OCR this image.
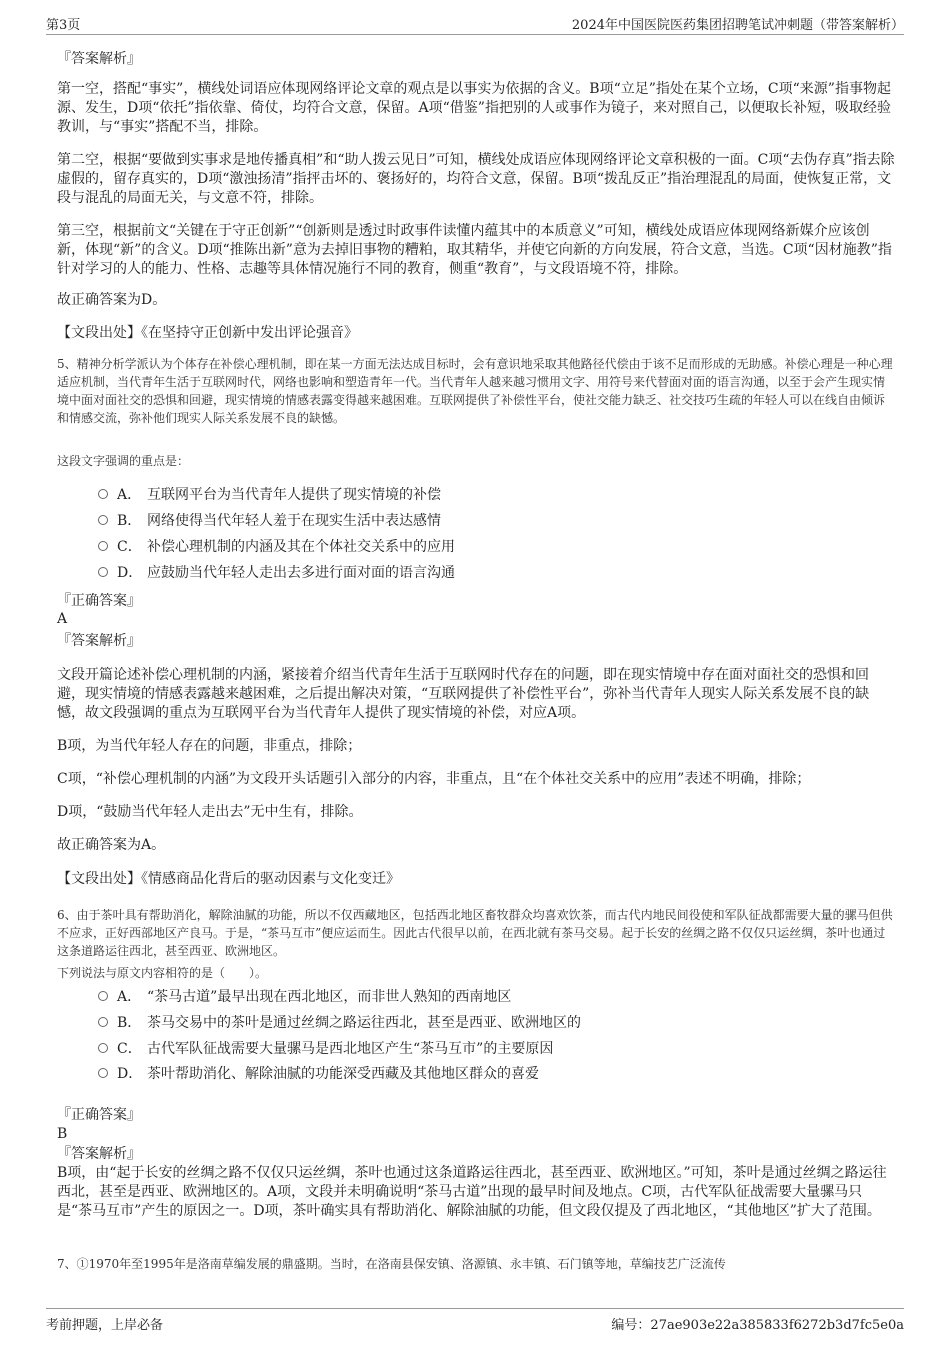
第3页	2024年中国医院医药集团招聘笔试冲刺题（带答案解析）
『答案解析』
第一空，搭配“事实”，横线处词语应体现网络评论文章的观点是以事实为依据的含义。B项“立足”指处在某个立场，C项“来源”指事物起源、发生，D项“依托”指依靠、倚仗，均符合文意，保留。A项“借鉴”指把别的人或事作为镜子，来对照自己，以便取长补短，吸取经验教训，与“事实”搭配不当，排除。
第二空，根据“要做到实事求是地传播真相”和“助人拨云见日”可知，横线处成语应体现网络评论文章积极的一面。C项“去伪存真”指去除虚假的，留存真实的，D项“激浊扬清”指抨击坏的、褒扬好的，均符合文意，保留。B项“拨乱反正”指治理混乱的局面，使恢复正常，文段与混乱的局面无关，与文意不符，排除。
第三空，根据前文“关键在于守正创新”“创新则是透过时政事件读懂内蕴其中的本质意义”可知，横线处成语应体现网络新媒介应该创新，体现“新”的含义。D项“推陈出新”意为去掉旧事物的糟粕，取其精华，并使它向新的方向发展，符合文意，当选。C项“因材施教”指针对学习的人的能力、性格、志趣等具体情况施行不同的教育，侧重“教育”，与文段语境不符，排除。
故正确答案为D。
【文段出处】《在坚持守正创新中发出评论强音》
5、精神分析学派认为个体存在补偿心理机制，即在某一方面无法达成目标时，会有意识地采取其他路径代偿由于该不足而形成的无助感。补偿心理是一种心理适应机制，当代青年生活于互联网时代，网络也影响和塑造青年一代。当代青年人越来越习惯用文字、用符号来代替面对面的语言沟通，以至于会产生现实情境中面对面社交的恐惧和回避，现实情境的情感表露变得越来越困难。互联网提供了补偿性平台，使社交能力缺乏、社交技巧生疏的年轻人可以在线自由倾诉和情感交流，弥补他们现实人际关系发展不良的缺憾。
这段文字强调的重点是：
A． 互联网平台为当代青年人提供了现实情境的补偿
B． 网络使得当代年轻人羞于在现实生活中表达感情
C． 补偿心理机制的内涵及其在个体社交关系中的应用
D． 应鼓励当代年轻人走出去多进行面对面的语言沟通
『正确答案』
A
『答案解析』
文段开篇论述补偿心理机制的内涵，紧接着介绍当代青年生活于互联网时代存在的问题，即在现实情境中存在面对面社交的恐惧和回避，现实情境的情感表露越来越困难，之后提出解决对策，“互联网提供了补偿性平台”，弥补当代青年人现实人际关系发展不良的缺憾，故文段强调的重点为互联网平台为当代青年人提供了现实情境的补偿，对应A项。
B项，为当代年轻人存在的问题，非重点，排除；
C项，“补偿心理机制的内涵”为文段开头话题引入部分的内容，非重点，且“在个体社交关系中的应用”表述不明确，排除；
D项，“鼓励当代年轻人走出去”无中生有，排除。
故正确答案为A。
【文段出处】《情感商品化背后的驱动因素与文化变迁》
6、由于茶叶具有帮助消化，解除油腻的功能，所以不仅西藏地区，包括西北地区畜牧群众均喜欢饮茶，而古代内地民间役使和军队征战都需要大量的骡马但供不应求，正好西部地区产良马。于是，“茶马互市”便应运而生。因此古代很早以前，在西北就有茶马交易。起于长安的丝绸之路不仅仅只运丝绸，茶叶也通过这条道路运往西北，甚至西亚、欧洲地区。
下列说法与原文内容相符的是（　　）。
A． “茶马古道”最早出现在西北地区，而非世人熟知的西南地区
B． 茶马交易中的茶叶是通过丝绸之路运往西北，甚至是西亚、欧洲地区的
C． 古代军队征战需要大量骡马是西北地区产生“茶马互市”的主要原因
D． 茶叶帮助消化、解除油腻的功能深受西藏及其他地区群众的喜爱
『正确答案』
B
『答案解析』
B项，由“起于长安的丝绸之路不仅仅只运丝绸，茶叶也通过这条道路运往西北，甚至西亚、欧洲地区。”可知，茶叶是通过丝绸之路运往西北，甚至是西亚、欧洲地区的。A项，文段并未明确说明“茶马古道”出现的最早时间及地点。C项，古代军队征战需要大量骡马只是“茶马互市”产生的原因之一。D项，茶叶确实具有帮助消化、解除油腻的功能，但文段仅提及了西北地区，“其他地区”扩大了范围。
7、①1970年至1995年是洛南草编发展的鼎盛期。当时，在洛南县保安镇、洛源镇、永丰镇、石门镇等地，草编技艺广泛流传
考前押题，上岸必备	编号：27ae903e22a385833f6272b3d7fc5e0a
